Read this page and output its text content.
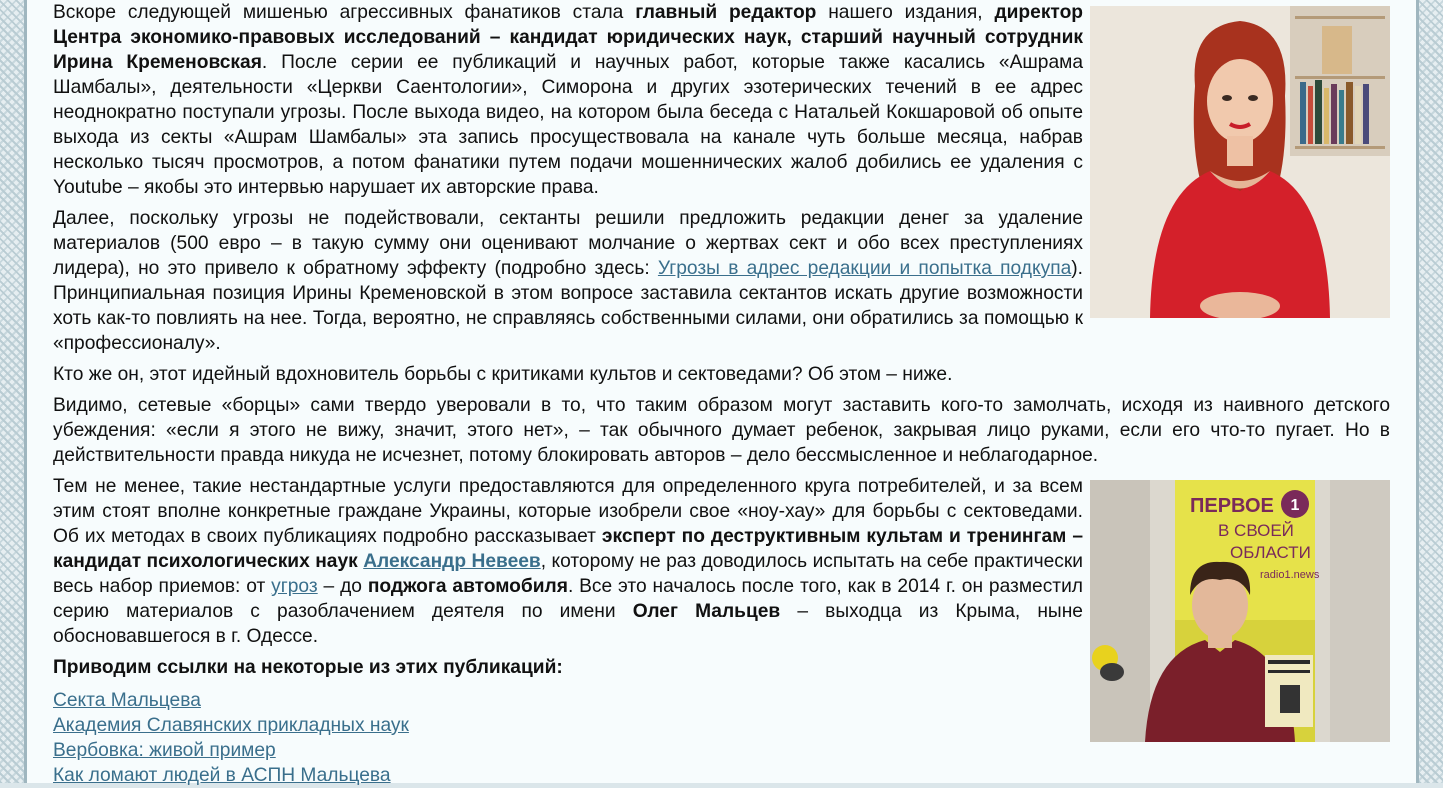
Вскоре следующей мишенью агрессивных фанатиков стала главный редактор нашего издания, директор Центра экономико-правовых исследований – кандидат юридических наук, старший научный сотрудник Ирина Кременовская. После серии ее публикаций и научных работ, которые также касались «Ашрама Шамбалы», деятельности «Церкви Саентологии», Симорона и других эзотерических течений в ее адрес неоднократно поступали угрозы. После выхода видео, на котором была беседа с Натальей Кокшаровой об опыте выхода из секты «Ашрам Шамбалы» эта запись просуществовала на канале чуть больше месяца, набрав несколько тысяч просмотров, а потом фанатики путем подачи мошеннических жалоб добились ее удаления с Youtube – якобы это интервью нарушает их авторские права.

Далее, поскольку угрозы не подействовали, сектанты решили предложить редакции денег за удаление материалов (500 евро – в такую сумму они оценивают молчание о жертвах сект и обо всех преступлениях лидера), но это привело к обратному эффекту (подробно здесь: Угрозы в адрес редакции и попытка подкупа). Принципиальная позиция Ирины Кременовской в этом вопросе заставила сектантов искать другие возможности хоть как-то повлиять на нее. Тогда, вероятно, не справляясь собственными силами, они обратились за помощью к «профессионалу».

Кто же он, этот идейный вдохновитель борьбы с критиками культов и сектоведами? Об этом – ниже.

Видимо, сетевые «борцы» сами твердо уверовали в то, что таким образом могут заставить кого-то замолчать, исходя из наивного детского убеждения: «если я этого не вижу, значит, этого нет», – так обычного думает ребенок, закрывая лицо руками, если его что-то пугает. Но в действительности правда никуда не исчезнет, потому блокировать авторов – дело бессмысленное и неблагодарное.

1
ПЕРВОЕ
В СВОЕЙ
ОБЛАСТИ
radio1.news

Тем не менее, такие нестандартные услуги предоставляются для определенного круга потребителей, и за всем этим стоят вполне конкретные граждане Украины, которые изобрели свое «ноу-хау» для борьбы с сектоведами. Об их методах в своих публикациях подробно рассказывает эксперт по деструктивным культам и тренингам – кандидат психологических наук Александр Невеев, которому не раз доводилось испытать на себе практически весь набор приемов: от угроз – до поджога автомобиля. Все это началось после того, как в 2014 г. он разместил серию материалов с разоблачением деятеля по имени Олег Мальцев – выходца из Крыма, ныне обосновавшегося в г. Одессе.

Приводим ссылки на некоторые из этих публикаций:
Секта Мальцева
Академия Славянских прикладных наук
Вербовка: живой пример
Как ломают людей в АСПН Мальцева
